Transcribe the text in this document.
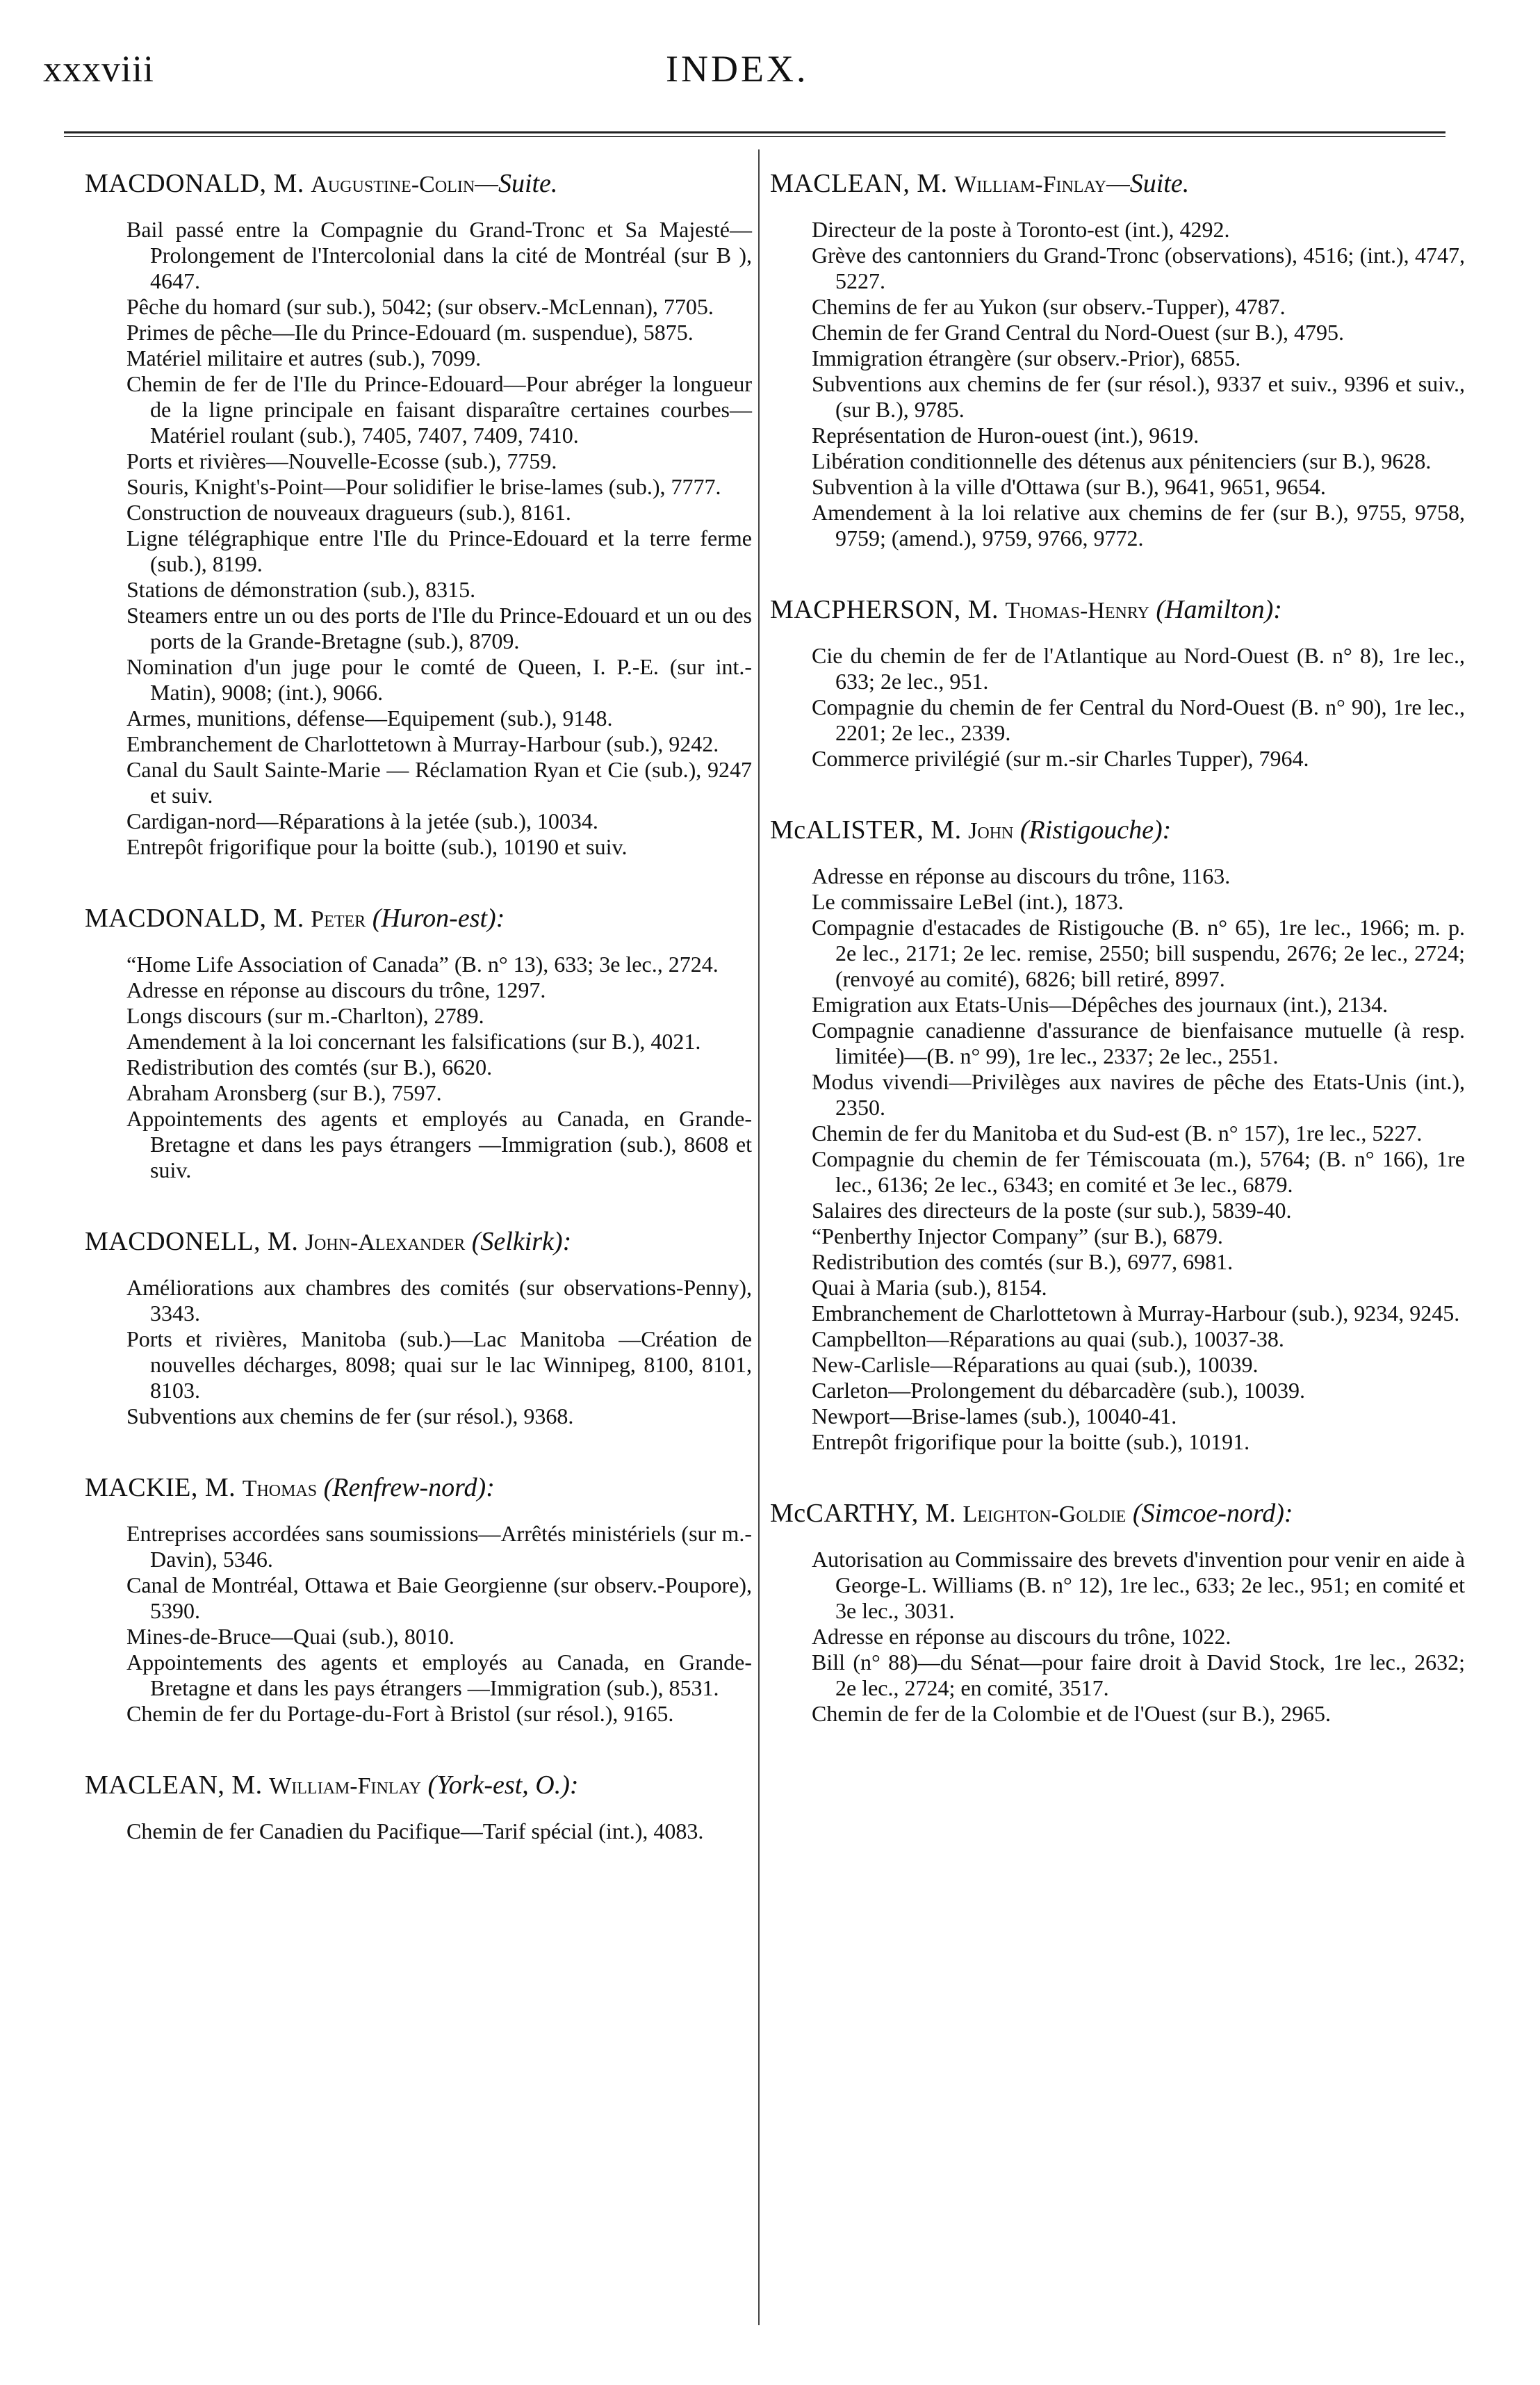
xxxviii	INDEX.
MACDONALD, M. Augustine-Colin—Suite.
Bail passé entre la Compagnie du Grand-Tronc et Sa Majesté—Prolongement de l'Intercolonial dans la cité de Montréal (sur B ), 4647.
Pêche du homard (sur sub.), 5042; (sur observ.-McLennan), 7705.
Primes de pêche—Ile du Prince-Edouard (m. suspendue), 5875.
Matériel militaire et autres (sub.), 7099.
Chemin de fer de l'Ile du Prince-Edouard—Pour abréger la longueur de la ligne principale en faisant disparaître certaines courbes—Matériel roulant (sub.), 7405, 7407, 7409, 7410.
Ports et rivières—Nouvelle-Ecosse (sub.), 7759.
Souris, Knight's-Point—Pour solidifier le brise-lames (sub.), 7777.
Construction de nouveaux dragueurs (sub.), 8161.
Ligne télégraphique entre l'Ile du Prince-Edouard et la terre ferme (sub.), 8199.
Stations de démonstration (sub.), 8315.
Steamers entre un ou des ports de l'Ile du Prince-Edouard et un ou des ports de la Grande-Bretagne (sub.), 8709.
Nomination d'un juge pour le comté de Queen, I. P.-E. (sur int.-Matin), 9008; (int.), 9066.
Armes, munitions, défense—Equipement (sub.), 9148.
Embranchement de Charlottetown à Murray-Harbour (sub.), 9242.
Canal du Sault Sainte-Marie — Réclamation Ryan et Cie (sub.), 9247 et suiv.
Cardigan-nord—Réparations à la jetée (sub.), 10034.
Entrepôt frigorifique pour la boitte (sub.), 10190 et suiv.
MACDONALD, M. Peter (Huron-est):
“Home Life Association of Canada” (B. n° 13), 633; 3e lec., 2724.
Adresse en réponse au discours du trône, 1297.
Longs discours (sur m.-Charlton), 2789.
Amendement à la loi concernant les falsifications (sur B.), 4021.
Redistribution des comtés (sur B.), 6620.
Abraham Aronsberg (sur B.), 7597.
Appointements des agents et employés au Canada, en Grande-Bretagne et dans les pays étrangers —Immigration (sub.), 8608 et suiv.
MACDONELL, M. John-Alexander (Selkirk):
Améliorations aux chambres des comités (sur observations-Penny), 3343.
Ports et rivières, Manitoba (sub.)—Lac Manitoba —Création de nouvelles décharges, 8098; quai sur le lac Winnipeg, 8100, 8101, 8103.
Subventions aux chemins de fer (sur résol.), 9368.
MACKIE, M. Thomas (Renfrew-nord):
Entreprises accordées sans soumissions—Arrêtés ministériels (sur m.-Davin), 5346.
Canal de Montréal, Ottawa et Baie Georgienne (sur observ.-Poupore), 5390.
Mines-de-Bruce—Quai (sub.), 8010.
Appointements des agents et employés au Canada, en Grande-Bretagne et dans les pays étrangers —Immigration (sub.), 8531.
Chemin de fer du Portage-du-Fort à Bristol (sur résol.), 9165.
MACLEAN, M. William-Finlay (York-est, O.):
Chemin de fer Canadien du Pacifique—Tarif spécial (int.), 4083.
MACLEAN, M. William-Finlay—Suite.
Directeur de la poste à Toronto-est (int.), 4292.
Grève des cantonniers du Grand-Tronc (observations), 4516; (int.), 4747, 5227.
Chemins de fer au Yukon (sur observ.-Tupper), 4787.
Chemin de fer Grand Central du Nord-Ouest (sur B.), 4795.
Immigration étrangère (sur observ.-Prior), 6855.
Subventions aux chemins de fer (sur résol.), 9337 et suiv., 9396 et suiv., (sur B.), 9785.
Représentation de Huron-ouest (int.), 9619.
Libération conditionnelle des détenus aux pénitenciers (sur B.), 9628.
Subvention à la ville d'Ottawa (sur B.), 9641, 9651, 9654.
Amendement à la loi relative aux chemins de fer (sur B.), 9755, 9758, 9759; (amend.), 9759, 9766, 9772.
MACPHERSON, M. Thomas-Henry (Hamilton):
Cie du chemin de fer de l'Atlantique au Nord-Ouest (B. n° 8), 1re lec., 633; 2e lec., 951.
Compagnie du chemin de fer Central du Nord-Ouest (B. n° 90), 1re lec., 2201; 2e lec., 2339.
Commerce privilégié (sur m.-sir Charles Tupper), 7964.
McALISTER, M. John (Ristigouche):
Adresse en réponse au discours du trône, 1163.
Le commissaire LeBel (int.), 1873.
Compagnie d'estacades de Ristigouche (B. n° 65), 1re lec., 1966; m. p. 2e lec., 2171; 2e lec. remise, 2550; bill suspendu, 2676; 2e lec., 2724; (renvoyé au comité), 6826; bill retiré, 8997.
Emigration aux Etats-Unis—Dépêches des journaux (int.), 2134.
Compagnie canadienne d'assurance de bienfaisance mutuelle (à resp. limitée)—(B. n° 99), 1re lec., 2337; 2e lec., 2551.
Modus vivendi—Privilèges aux navires de pêche des Etats-Unis (int.), 2350.
Chemin de fer du Manitoba et du Sud-est (B. n° 157), 1re lec., 5227.
Compagnie du chemin de fer Témiscouata (m.), 5764; (B. n° 166), 1re lec., 6136; 2e lec., 6343; en comité et 3e lec., 6879.
Salaires des directeurs de la poste (sur sub.), 5839-40.
“Penberthy Injector Company” (sur B.), 6879.
Redistribution des comtés (sur B.), 6977, 6981.
Quai à Maria (sub.), 8154.
Embranchement de Charlottetown à Murray-Harbour (sub.), 9234, 9245.
Campbellton—Réparations au quai (sub.), 10037-38.
New-Carlisle—Réparations au quai (sub.), 10039.
Carleton—Prolongement du débarcadère (sub.), 10039.
Newport—Brise-lames (sub.), 10040-41.
Entrepôt frigorifique pour la boitte (sub.), 10191.
McCARTHY, M. Leighton-Goldie (Simcoe-nord):
Autorisation au Commissaire des brevets d'invention pour venir en aide à George-L. Williams (B. n° 12), 1re lec., 633; 2e lec., 951; en comité et 3e lec., 3031.
Adresse en réponse au discours du trône, 1022.
Bill (n° 88)—du Sénat—pour faire droit à David Stock, 1re lec., 2632; 2e lec., 2724; en comité, 3517.
Chemin de fer de la Colombie et de l'Ouest (sur B.), 2965.
